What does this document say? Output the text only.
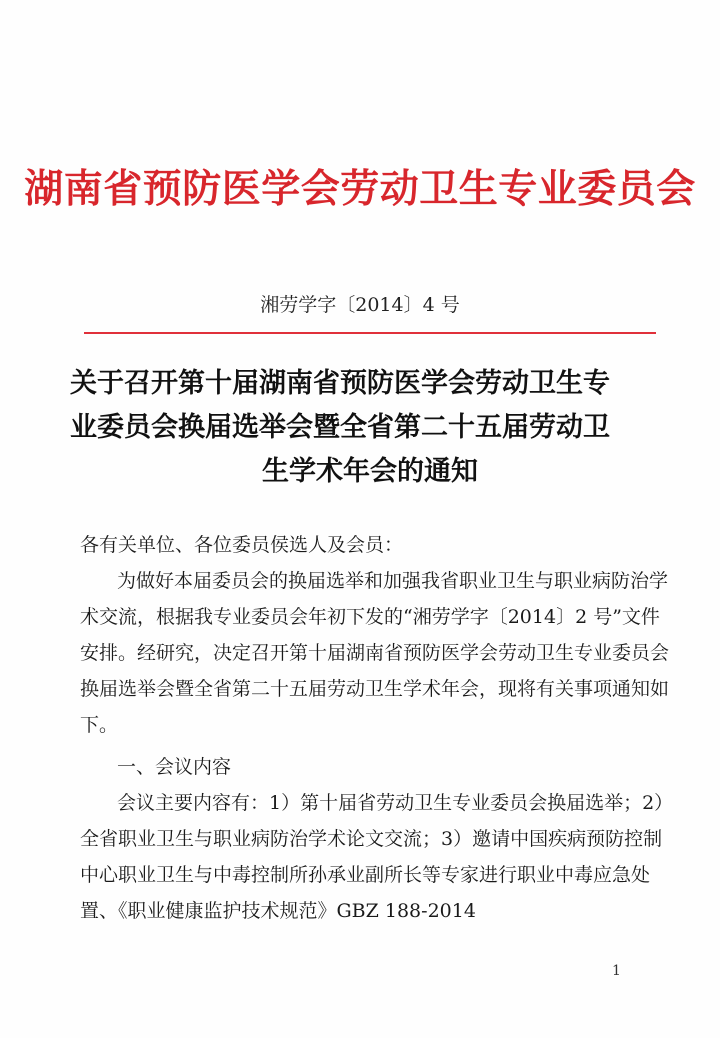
湖南省预防医学会劳动卫生专业委员会
湘劳学字〔2014〕4 号
关于召开第十届湖南省预防医学会劳动卫生专
业委员会换届选举会暨全省第二十五届劳动卫
生学术年会的通知
各有关单位、各位委员侯选人及会员：
为做好本届委员会的换届选举和加强我省职业卫生与职业病防治学术交流，根据我专业委员会年初下发的“湘劳学字〔2014〕2 号”文件安排。经研究，决定召开第十届湖南省预防医学会劳动卫生专业委员会换届选举会暨全省第二十五届劳动卫生学术年会，现将有关事项通知如下。
一、会议内容
会议主要内容有：1）第十届省劳动卫生专业委员会换届选举；2）全省职业卫生与职业病防治学术论文交流；3）邀请中国疾病预防控制中心职业卫生与中毒控制所孙承业副所长等专家进行职业中毒应急处置、《职业健康监护技术规范》GBZ 188-2014
1
